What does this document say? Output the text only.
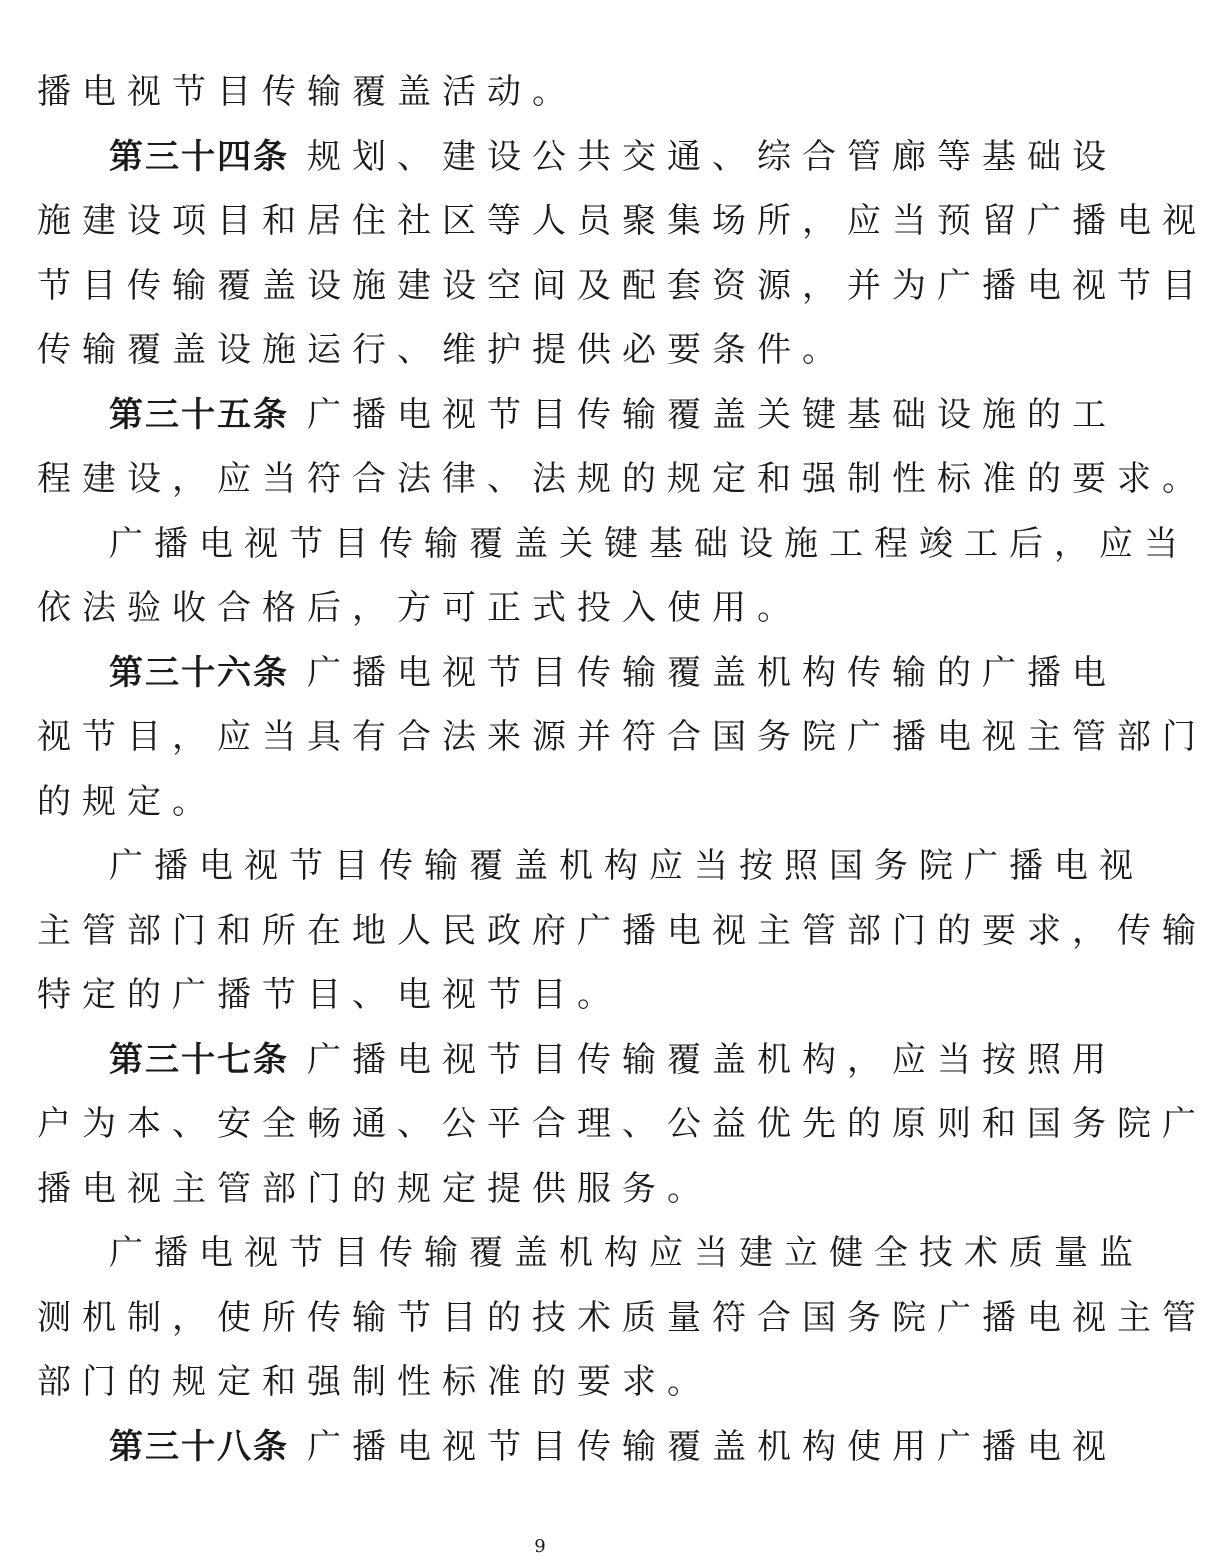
播电视节目传输覆盖活动。
第三十四条 规划、建设公共交通、综合管廊等基础设
施建设项目和居住社区等人员聚集场所，应当预留广播电视
节目传输覆盖设施建设空间及配套资源，并为广播电视节目
传输覆盖设施运行、维护提供必要条件。
第三十五条 广播电视节目传输覆盖关键基础设施的工
程建设，应当符合法律、法规的规定和强制性标准的要求。
广播电视节目传输覆盖关键基础设施工程竣工后，应当
依法验收合格后，方可正式投入使用。
第三十六条 广播电视节目传输覆盖机构传输的广播电
视节目，应当具有合法来源并符合国务院广播电视主管部门
的规定。
广播电视节目传输覆盖机构应当按照国务院广播电视
主管部门和所在地人民政府广播电视主管部门的要求，传输
特定的广播节目、电视节目。
第三十七条 广播电视节目传输覆盖机构，应当按照用
户为本、安全畅通、公平合理、公益优先的原则和国务院广
播电视主管部门的规定提供服务。
广播电视节目传输覆盖机构应当建立健全技术质量监
测机制，使所传输节目的技术质量符合国务院广播电视主管
部门的规定和强制性标准的要求。
第三十八条 广播电视节目传输覆盖机构使用广播电视
9
